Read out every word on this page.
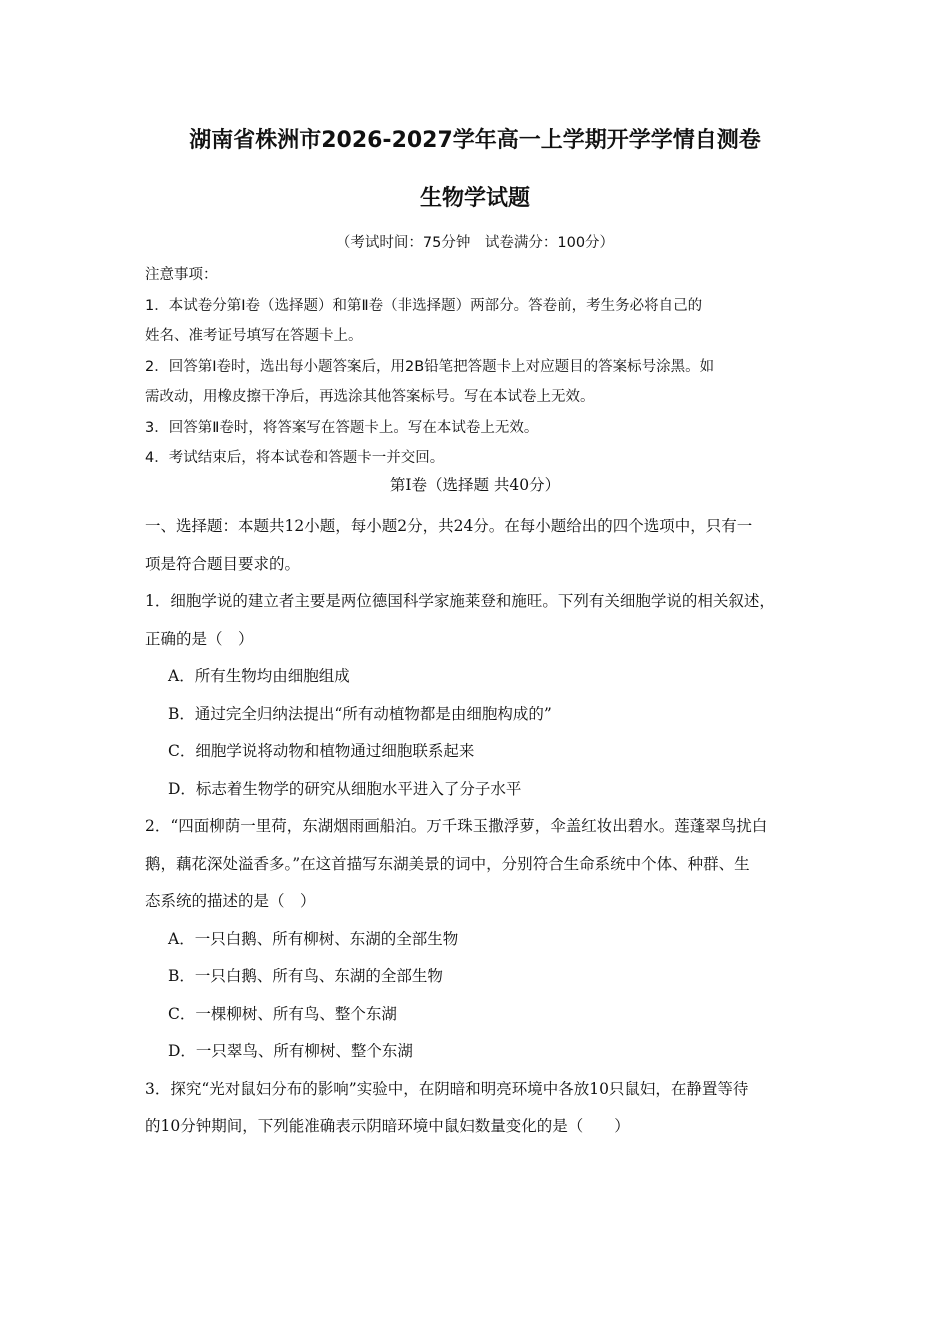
湖南省株洲市2026-2027学年高一上学期开学学情自测卷
生物学试题
（考试时间：75分钟　试卷满分：100分）

注意事项：

1．本试卷分第Ⅰ卷（选择题）和第Ⅱ卷（非选择题）两部分。答卷前，考生务必将自己的

姓名、准考证号填写在答题卡上。

2．回答第Ⅰ卷时，选出每小题答案后，用2B铅笔把答题卡上对应题目的答案标号涂黑。如

需改动，用橡皮擦干净后，再选涂其他答案标号。写在本试卷上无效。

3．回答第Ⅱ卷时，将答案写在答题卡上。写在本试卷上无效。

4．考试结束后，将本试卷和答题卡一并交回。

第Ⅰ卷（选择题 共40分）

一、选择题：本题共12小题，每小题2分，共24分。在每小题给出的四个选项中，只有一

项是符合题目要求的。

1．细胞学说的建立者主要是两位德国科学家施莱登和施旺。下列有关细胞学说的相关叙述，

正确的是（　）

A．所有生物均由细胞组成

B．通过完全归纳法提出“所有动植物都是由细胞构成的”

C．细胞学说将动物和植物通过细胞联系起来

D．标志着生物学的研究从细胞水平进入了分子水平

2．“四面柳荫一里荷，东湖烟雨画船泊。万千珠玉撒浮萝，伞盖红妆出碧水。莲蓬翠鸟扰白

鹅，藕花深处溢香多。”在这首描写东湖美景的词中，分别符合生命系统中个体、种群、生

态系统的描述的是（　）

A．一只白鹅、所有柳树、东湖的全部生物

B．一只白鹅、所有鸟、东湖的全部生物

C．一棵柳树、所有鸟、整个东湖

D．一只翠鸟、所有柳树、整个东湖

3．探究“光对鼠妇分布的影响”实验中，在阴暗和明亮环境中各放10只鼠妇，在静置等待

的10分钟期间，下列能准确表示阴暗环境中鼠妇数量变化的是（　　）
